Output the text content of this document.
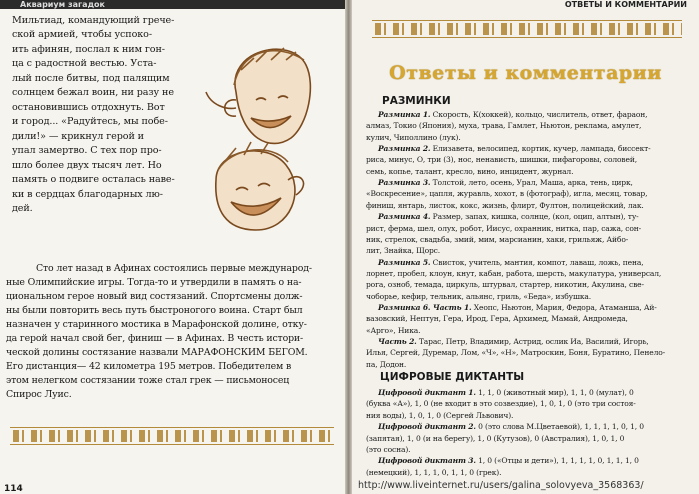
Аквариум загадок
Мильтиад, командующий грече-
ской армией, чтобы успоко-
ить афинян, послал к ним гон-
ца с радостной вестью. Уста-
лый после битвы, под палящим
солнцем бежал воин, ни разу не
остановившись отдохнуть. Вот
и город... «Радуйтесь, мы побе-
дили!» — крикнул герой и
упал замертво. С тех пор про-
шло более двух тысяч лет. Но
память о подвиге осталась наве-
ки в сердцах благодарных лю-
дей.
Сто лет назад в Афинах состоялись первые международ-
ные Олимпийские игры. Тогда-то и утвердили в память о на-
циональном герое новый вид состязаний. Спортсмены долж-
ны были повторить весь путь быстроногого воина. Старт был
назначен у старинного мостика в Марафонской долине, отку-
да герой начал свой бег, финиш — в Афинах. В честь истори-
ческой долины состязание назвали МАРАФОНСКИМ БЕГОМ.
Его дистанция— 42 километра 195 метров. Победителем в
этом нелегком состязании тоже стал грек — письмоносец
Спирос Луис.
114
ОТВЕТЫ И КОММЕНТАРИИ
Ответы и комментарии
РАЗМИНКИ
Разминка 1. Скорость, К(хоккей), кольцо, числитель, ответ, фараон,
алмаз, Токио (Япония), муха, трава, Гамлет, Ньютон, реклама, амулет,
кулич, Чиполлино (лук).
Разминка 2. Елизавета, велосипед, кортик, кучер, лампада, биссект-
риса, минус, О, три (3), нос, ненависть, шишки, пифагоровы, соловей,
семь, копье, талант, кресло, вино, инцидент, журнал.
Разминка 3. Толстой, лето, осень, Урал, Маша, арка, тень, цирк,
«Воскресение», цапля, журавль, хохот, в (фотограф), игла, месяц, товар,
финиш, янтарь, листок, кокс, жизнь, флирт, Фултон, полицейский, лак.
Разминка 4. Размер, запах, кишка, солнце, (кол, оцип, алтын), ту-
рист, ферма, шел, олух, робот, Иисус, охранник, нитка, пар, сажа, сон-
ник, стрелок, свадьба, змий, мим, марсианин, хаки, грильяж, Айбо-
лит, Знайка, Щорс.
Разминка 5. Свисток, учитель, мантия, компот, лаваш, ложь, пена,
лорнет, пробел, клоун, кнут, кабан, работа, шерсть, макулатура, универсал,
рога, озноб, темада, циркуль, штурвал, стартер, никотин, Акулина, све-
чоборье, кефир, тельник, альянс, гриль, «Беда», избушка.
Разминка 6. Часть 1. Хеопс, Ньютон, Мария, Федора, Атаманша, Ай-
вазовский, Нептун, Гера, Ирод, Гера, Архимед, Мамай, Андромеда,
«Арго», Ника.
Часть 2. Тарас, Петр, Владимир, Астрид, ослик Иа, Василий, Игорь,
Илья, Сергей, Дуремар, Лом, «Ч», «Н», Матроскин, Боня, Буратино, Пенело-
па, Додон.
ЦИФРОВЫЕ ДИКТАНТЫ
Цифровой диктант 1. 1, 1, 0 (животный мир), 1, 1, 0 (мулат), 0
(буква «А»), 1, 0 (не входит в это созвездие), 1, 0, 1, 0 (это три состоя-
ния воды), 1, 0, 1, 0 (Сергей Львович).
Цифровой диктант 2. 0 (это слова М.Цветаевой), 1, 1, 1, 1, 0, 1, 0
(запятая), 1, 0 (и на берегу), 1, 0 (Кутузов), 0 (Австралия), 1, 0, 1, 0
(это сосна).
Цифровой диктант 3. 1, 0 («Отцы и дети»), 1, 1, 1, 1, 0, 1, 1, 1, 0
(немецкий), 1, 1, 1, 0, 1, 1, 0 (грек).
http://www.liveinternet.ru/users/galina_solovyeva_3568363/
